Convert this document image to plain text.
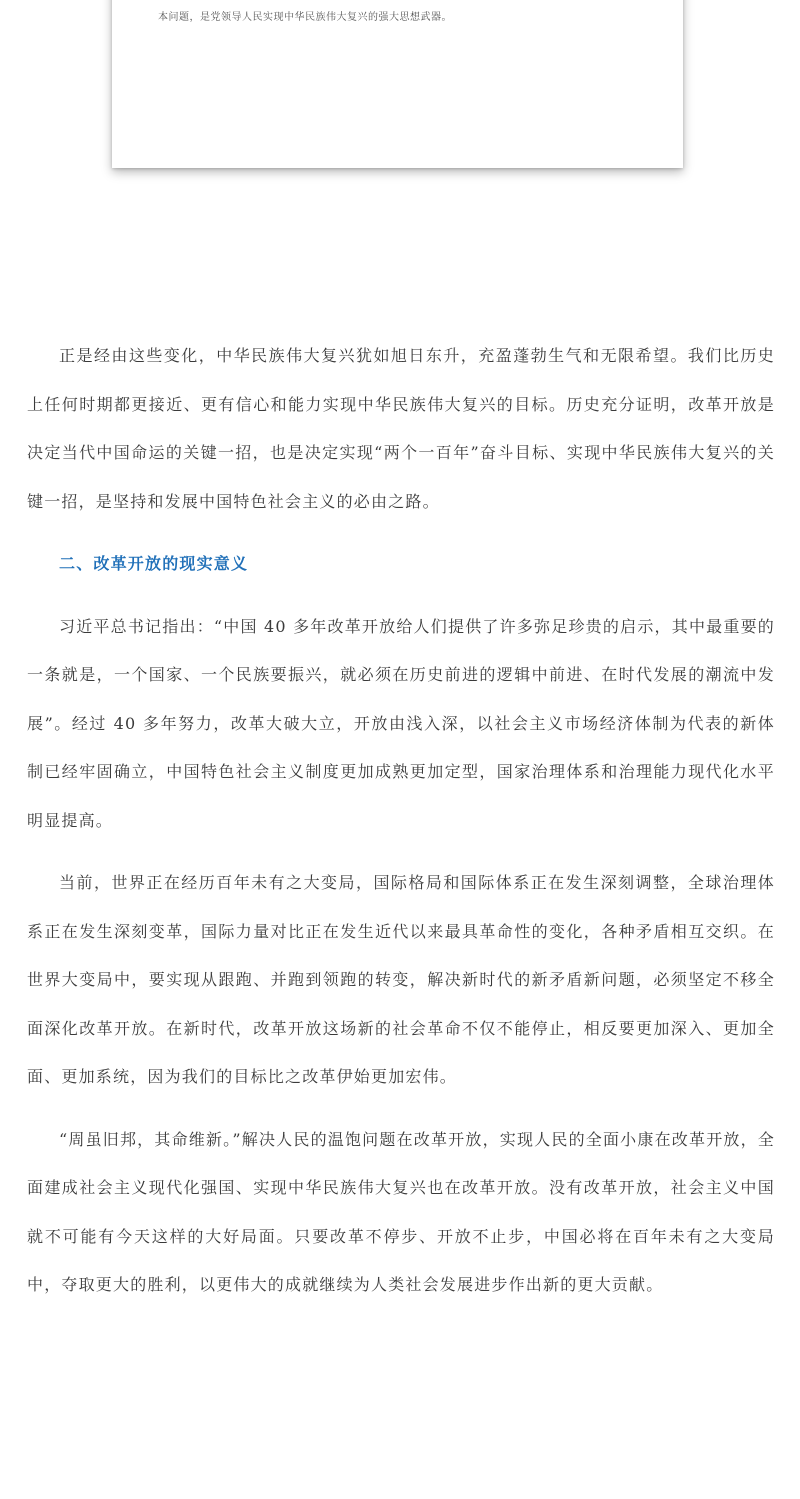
本问题，是党领导人民实现中华民族伟大复兴的强大思想武器。

正是经由这些变化，中华民族伟大复兴犹如旭日东升，充盈蓬勃生气和无限希望。我们比历史上任何时期都更接近、更有信心和能力实现中华民族伟大复兴的目标。历史充分证明，改革开放是决定当代中国命运的关键一招，也是决定实现“两个一百年”奋斗目标、实现中华民族伟大复兴的关键一招，是坚持和发展中国特色社会主义的必由之路。

二、改革开放的现实意义

习近平总书记指出：“中国 40 多年改革开放给人们提供了许多弥足珍贵的启示，其中最重要的一条就是，一个国家、一个民族要振兴，就必须在历史前进的逻辑中前进、在时代发展的潮流中发展”。经过 40 多年努力，改革大破大立，开放由浅入深，以社会主义市场经济体制为代表的新体制已经牢固确立，中国特色社会主义制度更加成熟更加定型，国家治理体系和治理能力现代化水平明显提高。

当前，世界正在经历百年未有之大变局，国际格局和国际体系正在发生深刻调整，全球治理体系正在发生深刻变革，国际力量对比正在发生近代以来最具革命性的变化，各种矛盾相互交织。在世界大变局中，要实现从跟跑、并跑到领跑的转变，解决新时代的新矛盾新问题，必须坚定不移全面深化改革开放。在新时代，改革开放这场新的社会革命不仅不能停止，相反要更加深入、更加全面、更加系统，因为我们的目标比之改革伊始更加宏伟。

“周虽旧邦，其命维新。”解决人民的温饱问题在改革开放，实现人民的全面小康在改革开放，全面建成社会主义现代化强国、实现中华民族伟大复兴也在改革开放。没有改革开放，社会主义中国就不可能有今天这样的大好局面。只要改革不停步、开放不止步，中国必将在百年未有之大变局中，夺取更大的胜利，以更伟大的成就继续为人类社会发展进步作出新的更大贡献。
